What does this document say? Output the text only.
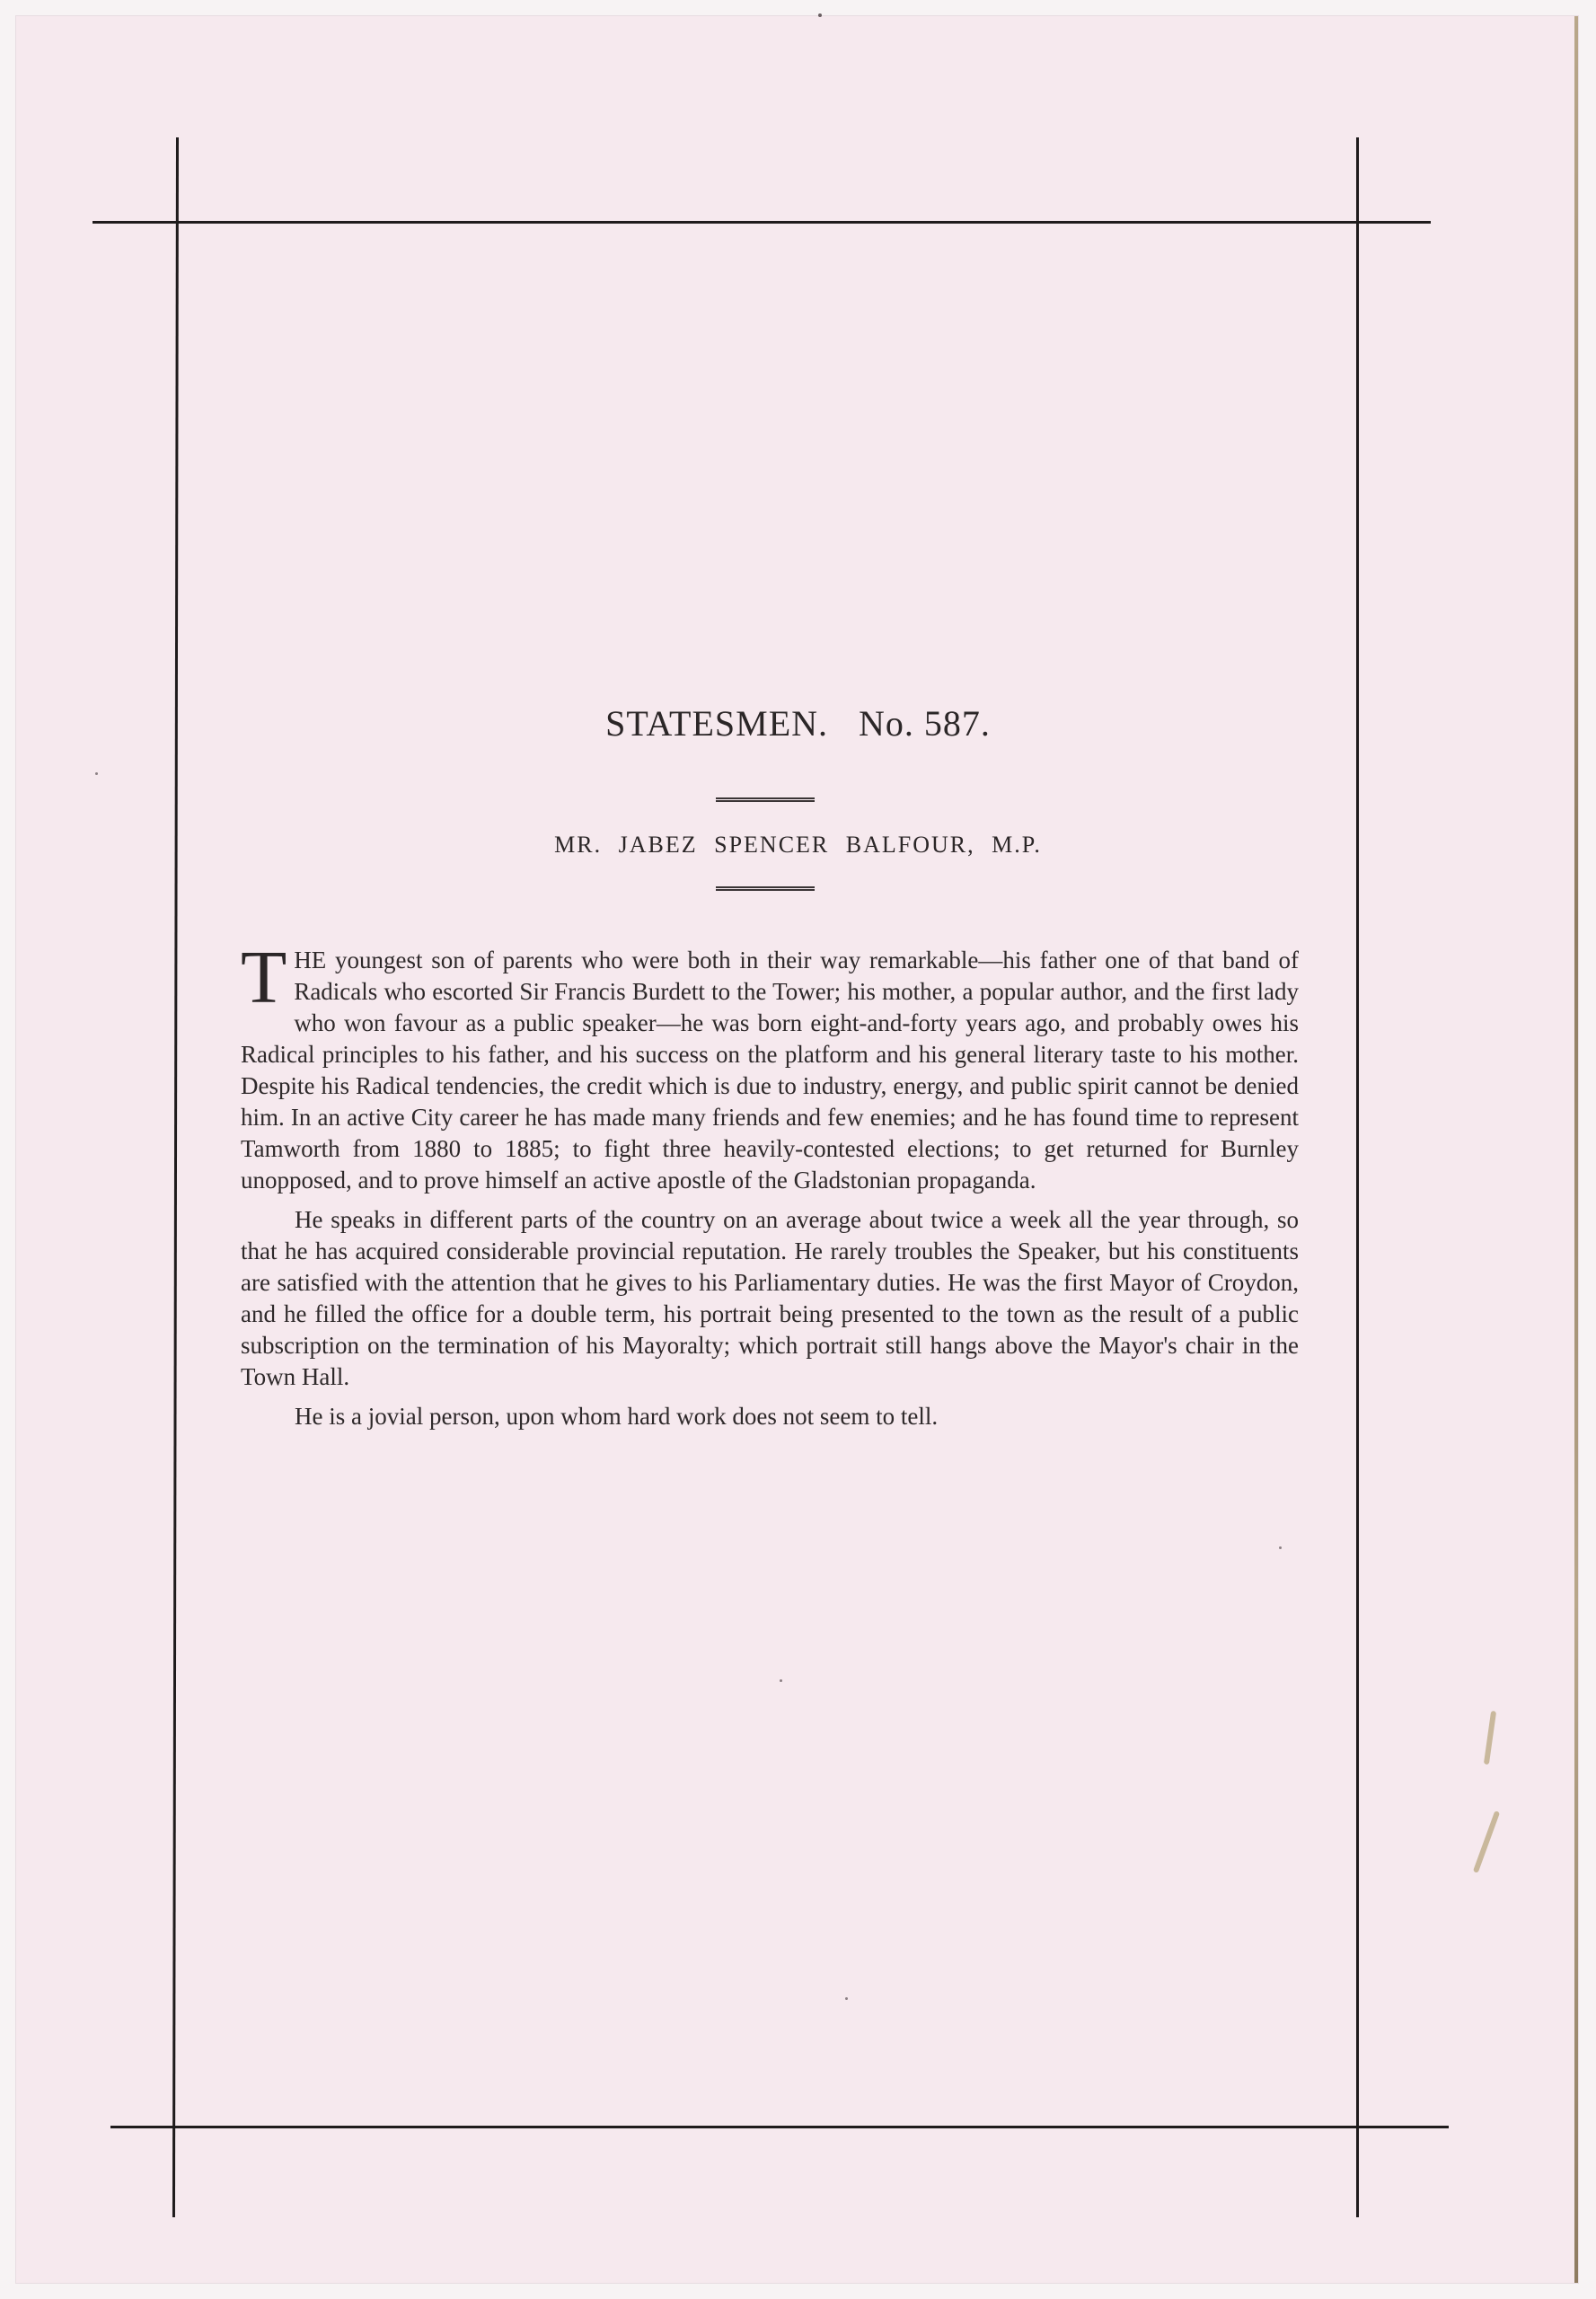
STATESMEN. No. 587.
MR. JABEZ SPENCER BALFOUR, M.P.

THE youngest son of parents who were both in their way remarkable—his father one of that band of Radicals who escorted Sir Francis Burdett to the Tower; his mother, a popular author, and the first lady who won favour as a public speaker—he was born eight-and-forty years ago, and probably owes his Radical principles to his father, and his success on the platform and his general literary taste to his mother. Despite his Radical tendencies, the credit which is due to industry, energy, and public spirit cannot be denied him. In an active City career he has made many friends and few enemies; and he has found time to represent Tamworth from 1880 to 1885; to fight three heavily-contested elections; to get returned for Burnley unopposed, and to prove himself an active apostle of the Gladstonian propaganda.

He speaks in different parts of the country on an average about twice a week all the year through, so that he has acquired considerable provincial reputation. He rarely troubles the Speaker, but his constituents are satisfied with the attention that he gives to his Parliamentary duties. He was the first Mayor of Croydon, and he filled the office for a double term, his portrait being presented to the town as the result of a public subscription on the termination of his Mayoralty; which portrait still hangs above the Mayor's chair in the Town Hall.

He is a jovial person, upon whom hard work does not seem to tell.
